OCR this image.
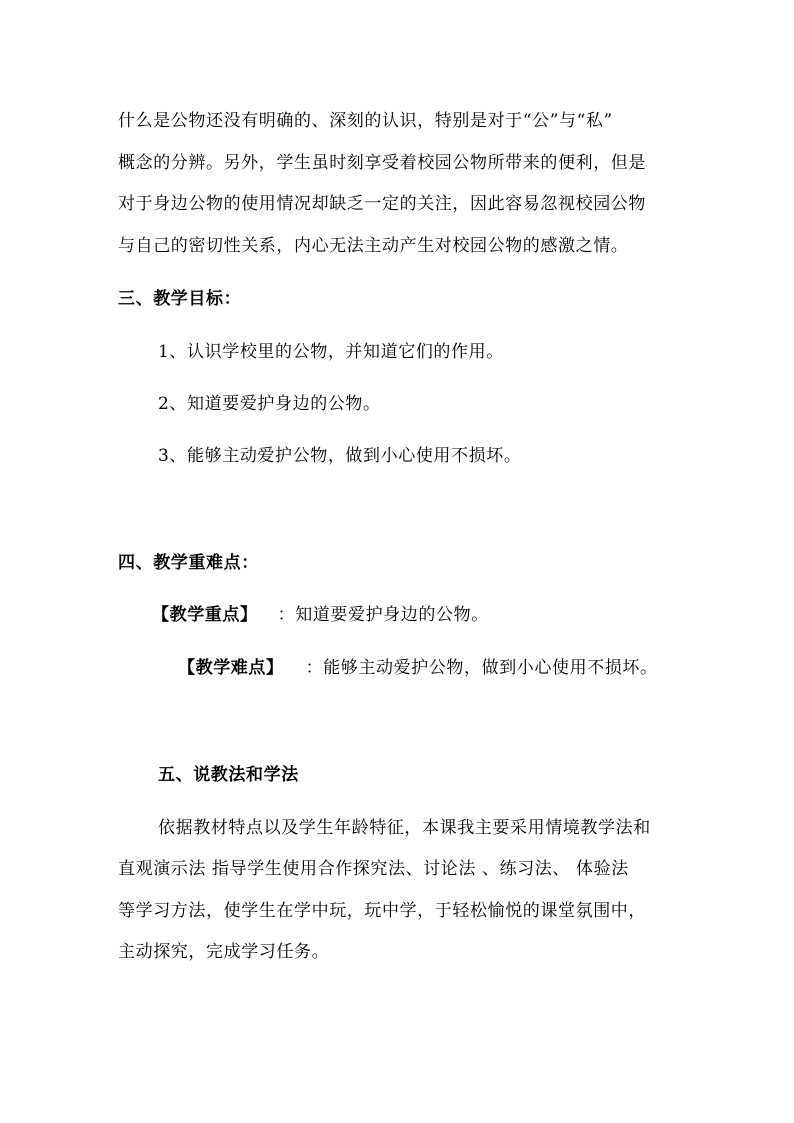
什么是公物还没有明确的、深刻的认识，特别是对于“公”与“私”
概念的分辨。另外，学生虽时刻享受着校园公物所带来的便利，但是
对于身边公物的使用情况却缺乏一定的关注，因此容易忽视校园公物
与自己的密切性关系，内心无法主动产生对校园公物的感激之情。
三、教学目标：
1、认识学校里的公物，并知道它们的作用。
2、知道要爱护身边的公物。
3、能够主动爱护公物，做到小心使用不损坏。
四、教学重难点：
【教学重点】 ：知道要爱护身边的公物。
【教学难点】 ：能够主动爱护公物，做到小心使用不损坏。
五、说教法和学法
依据教材特点以及学生年龄特征，本课我主要采用情境教学法和
直观演示法 指导学生使用合作探究法、讨论法 、练习法、 体验法
等学习方法，使学生在学中玩，玩中学，于轻松愉悦的课堂氛围中，
主动探究，完成学习任务。
